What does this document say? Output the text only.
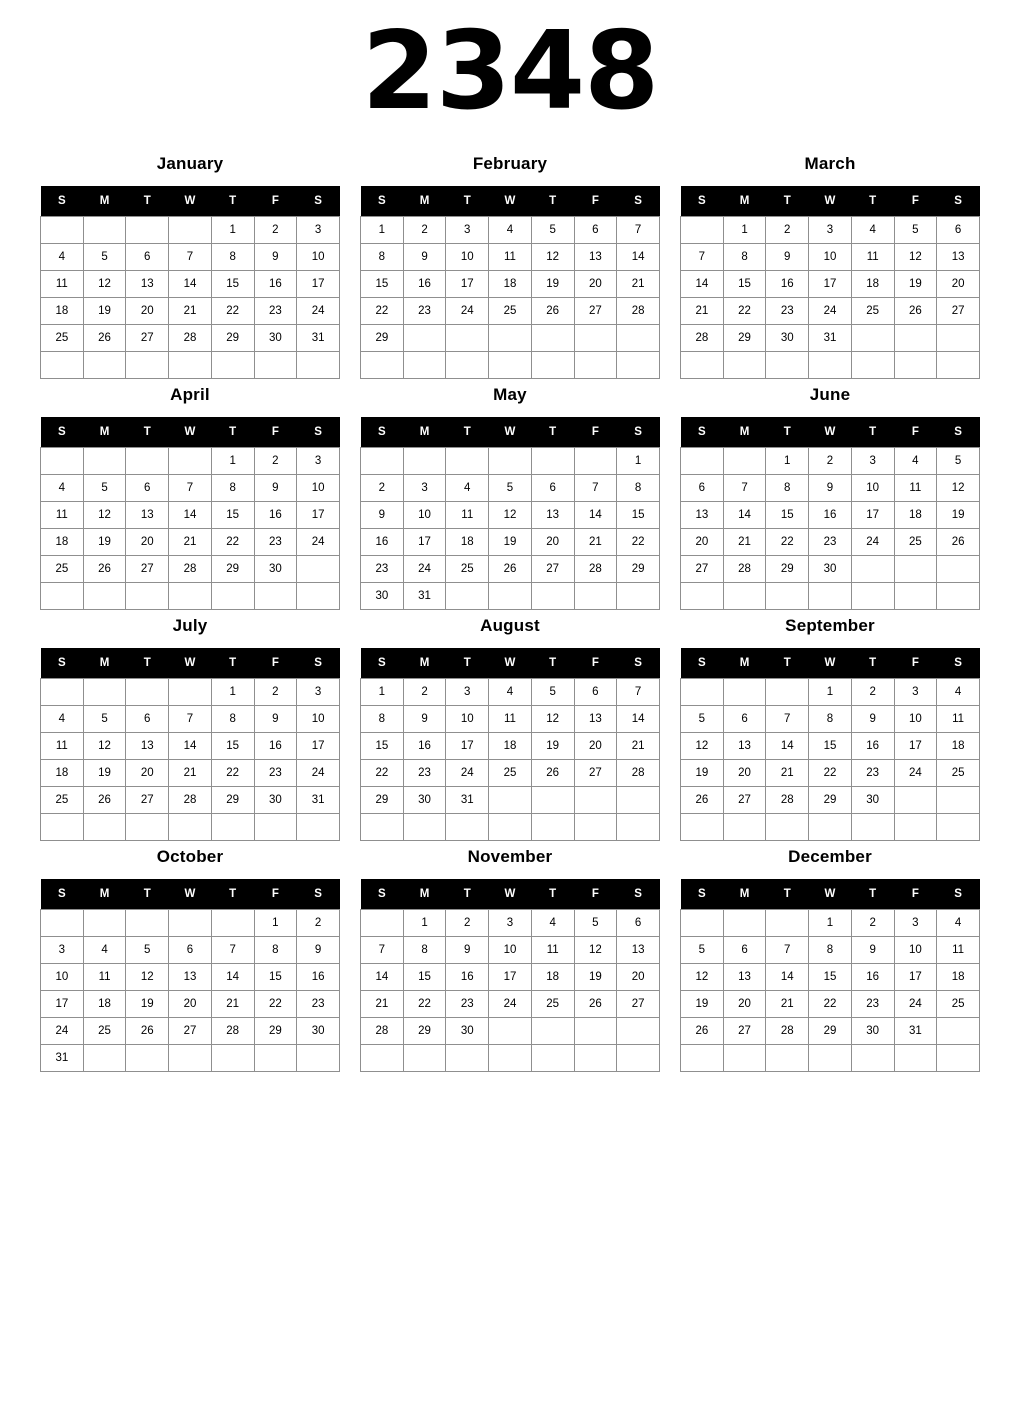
2348
January
S	M	T	W	T	F	S
				1	2	3
4	5	6	7	8	9	10
11	12	13	14	15	16	17
18	19	20	21	22	23	24
25	26	27	28	29	30	31

February
S	M	T	W	T	F	S
1	2	3	4	5	6	7
8	9	10	11	12	13	14
15	16	17	18	19	20	21
22	23	24	25	26	27	28
29						

March
S	M	T	W	T	F	S
	1	2	3	4	5	6
7	8	9	10	11	12	13
14	15	16	17	18	19	20
21	22	23	24	25	26	27
28	29	30	31			

April
S	M	T	W	T	F	S
				1	2	3
4	5	6	7	8	9	10
11	12	13	14	15	16	17
18	19	20	21	22	23	24
25	26	27	28	29	30	

May
S	M	T	W	T	F	S
						1
2	3	4	5	6	7	8
9	10	11	12	13	14	15
16	17	18	19	20	21	22
23	24	25	26	27	28	29
30	31					
June
S	M	T	W	T	F	S
		1	2	3	4	5
6	7	8	9	10	11	12
13	14	15	16	17	18	19
20	21	22	23	24	25	26
27	28	29	30			

July
S	M	T	W	T	F	S
				1	2	3
4	5	6	7	8	9	10
11	12	13	14	15	16	17
18	19	20	21	22	23	24
25	26	27	28	29	30	31

August
S	M	T	W	T	F	S
1	2	3	4	5	6	7
8	9	10	11	12	13	14
15	16	17	18	19	20	21
22	23	24	25	26	27	28
29	30	31				

September
S	M	T	W	T	F	S
			1	2	3	4
5	6	7	8	9	10	11
12	13	14	15	16	17	18
19	20	21	22	23	24	25
26	27	28	29	30		

October
S	M	T	W	T	F	S
					1	2
3	4	5	6	7	8	9
10	11	12	13	14	15	16
17	18	19	20	21	22	23
24	25	26	27	28	29	30
31						
November
S	M	T	W	T	F	S
	1	2	3	4	5	6
7	8	9	10	11	12	13
14	15	16	17	18	19	20
21	22	23	24	25	26	27
28	29	30				

December
S	M	T	W	T	F	S
			1	2	3	4
5	6	7	8	9	10	11
12	13	14	15	16	17	18
19	20	21	22	23	24	25
26	27	28	29	30	31	
